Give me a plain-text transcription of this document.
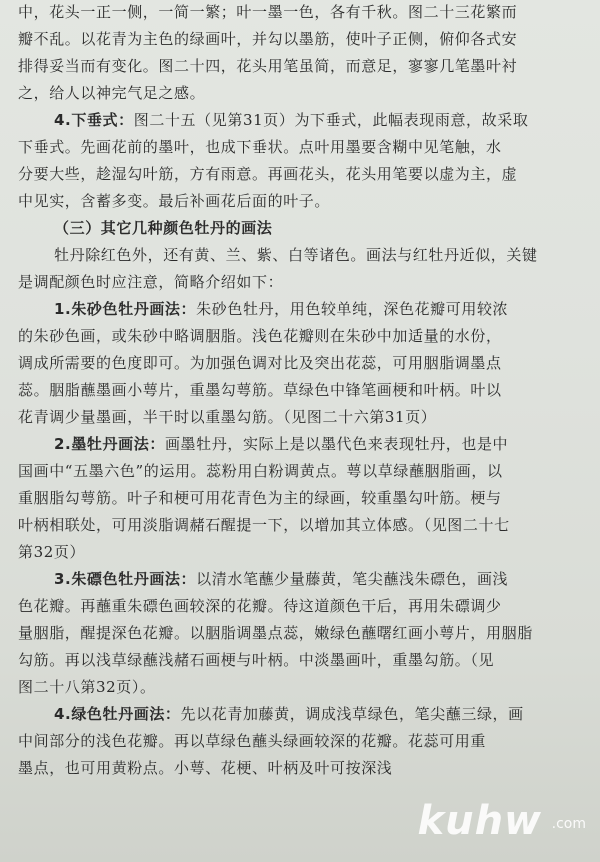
中，花头一正一侧，一简一繁；叶一墨一色，各有千秋。图二十三花繁而
瓣不乱。以花青为主色的绿画叶，并勾以墨筋，使叶子正侧，俯仰各式安
排得妥当而有变化。图二十四，花头用笔虽简，而意足，寥寥几笔墨叶衬
之，给人以神完气足之感。
4.下垂式：图二十五（见第31页）为下垂式，此幅表现雨意，故采取
下垂式。先画花前的墨叶，也成下垂状。点叶用墨要含糊中见笔触，水
分要大些，趁湿勾叶筋，方有雨意。再画花头，花头用笔要以虚为主，虚
中见实，含蓄多变。最后补画花后面的叶子。
（三）其它几种颜色牡丹的画法
牡丹除红色外，还有黄、兰、紫、白等诸色。画法与红牡丹近似，关键
是调配颜色时应注意，简略介绍如下：
1.朱砂色牡丹画法：朱砂色牡丹，用色较单纯，深色花瓣可用较浓
的朱砂色画，或朱砂中略调胭脂。浅色花瓣则在朱砂中加适量的水份，
调成所需要的色度即可。为加强色调对比及突出花蕊，可用胭脂调墨点
蕊。胭脂蘸墨画小萼片，重墨勾萼筋。草绿色中锋笔画梗和叶柄。叶以
花青调少量墨画，半干时以重墨勾筋。（见图二十六第31页）
2.墨牡丹画法：画墨牡丹，实际上是以墨代色来表现牡丹，也是中
国画中“五墨六色”的运用。蕊粉用白粉调黄点。萼以草绿蘸胭脂画，以
重胭脂勾萼筋。叶子和梗可用花青色为主的绿画，较重墨勾叶筋。梗与
叶柄相联处，可用淡脂调赭石醒提一下，以增加其立体感。（见图二十七
第32页）
3.朱磦色牡丹画法：以清水笔蘸少量藤黄，笔尖蘸浅朱磦色，画浅
色花瓣。再蘸重朱磦色画较深的花瓣。待这道颜色干后，再用朱磦调少
量胭脂，醒提深色花瓣。以胭脂调墨点蕊，嫩绿色蘸曙红画小萼片，用胭脂
勾筋。再以浅草绿蘸浅赭石画梗与叶柄。中淡墨画叶，重墨勾筋。（见
图二十八第32页）。
4.绿色牡丹画法：先以花青加藤黄，调成浅草绿色，笔尖蘸三绿，画
中间部分的浅色花瓣。再以草绿色蘸头绿画较深的花瓣。花蕊可用重
墨点，也可用黄粉点。小萼、花梗、叶柄及叶可按深浅
kuhw .com
